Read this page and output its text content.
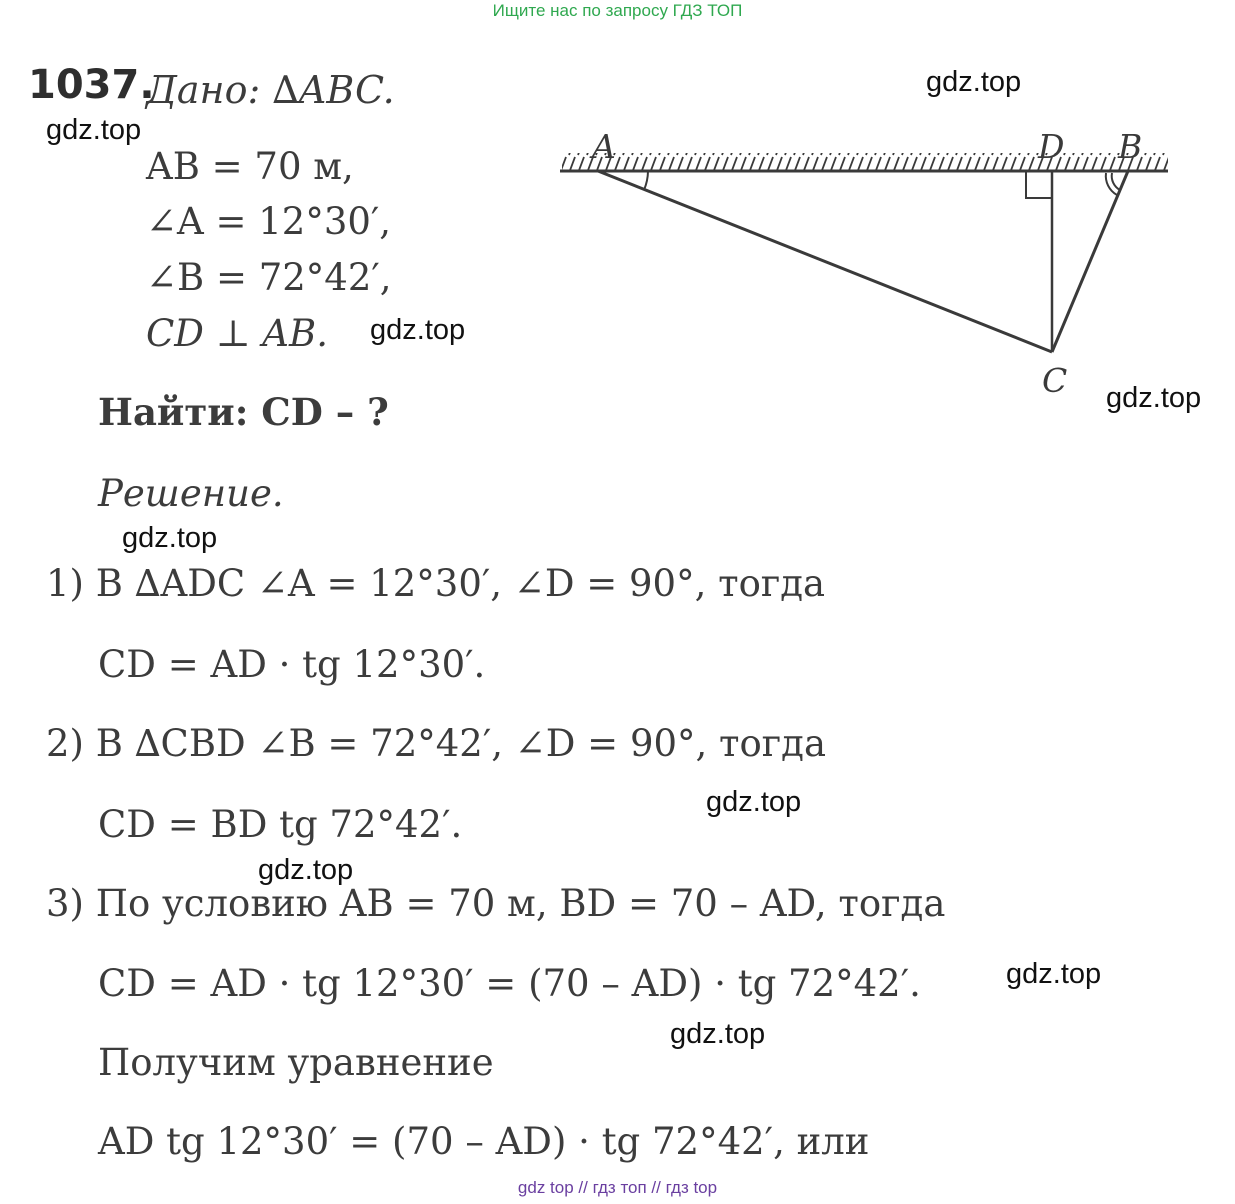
Ищите нас по запросу ГДЗ ТОП
1037.
Дано: ∆ABC.
AB = 70 м,
∠A = 12°30′,
∠B = 72°42′,
CD ⊥ AB.
Найти: CD – ?
Решение.
1) В ∆ADC ∠A = 12°30′, ∠D = 90°, тогда
CD = AD · tg 12°30′.
2) В ∆CBD ∠B = 72°42′, ∠D = 90°, тогда
CD = BD tg 72°42′.
3) По условию AB = 70 м, BD = 70 – AD, тогда
CD = AD · tg 12°30′ = (70 – AD) · tg 72°42′.
Получим уравнение
AD tg 12°30′ = (70 – AD) · tg 72°42′, или
A	D B
C
gdz.top
gdz.top
gdz.top
gdz.top
gdz.top
gdz.top
gdz.top
gdz.top
gdz.top
gdz top // гдз топ // гдз top
